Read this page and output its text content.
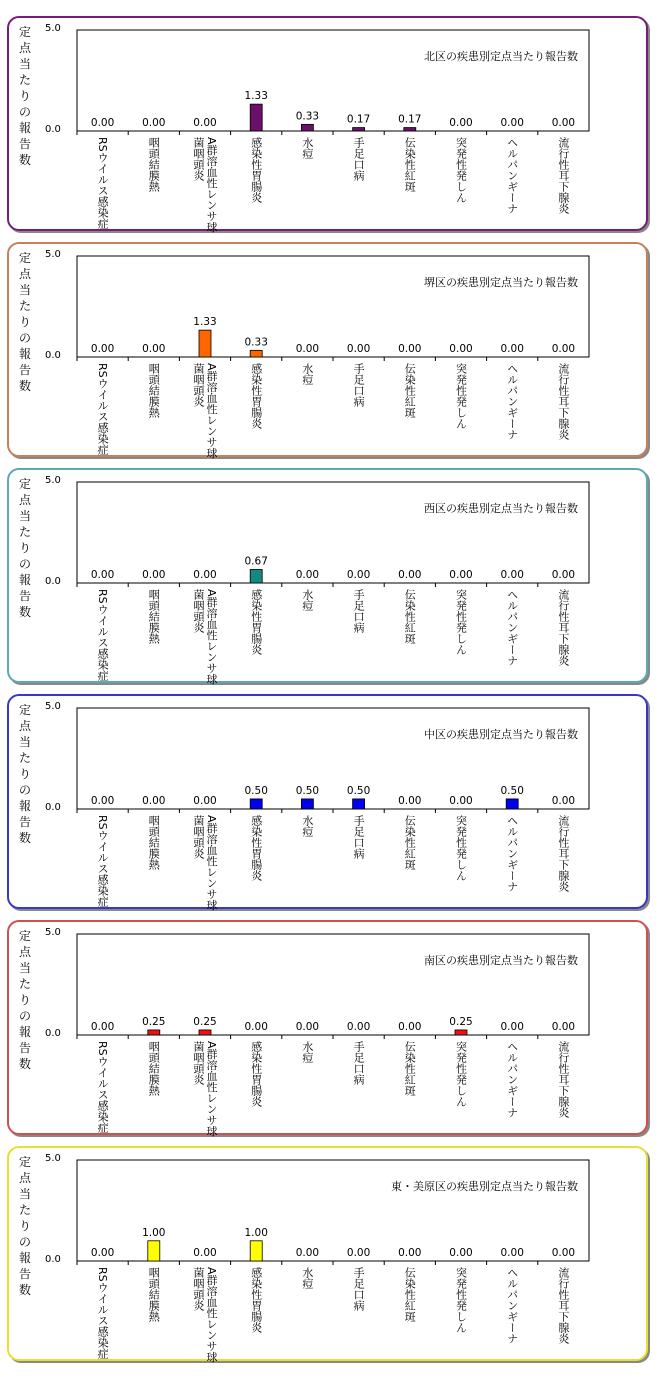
定点当たりの報告数
5.0
0.0
北区の疾患別定点当たり報告数
0.00
RSウイルス感染症
0.00
咽頭結膜熱
0.00
A群溶血性レンサ球菌咽頭炎
1.33
感染性胃腸炎
0.33
水痘
0.17
手足口病
0.17
伝染性紅斑
0.00
突発性発しん
0.00
ヘルパンギーナ
0.00
流行性耳下腺炎
定点当たりの報告数
5.0
0.0
堺区の疾患別定点当たり報告数
0.00
RSウイルス感染症
0.00
咽頭結膜熱
1.33
A群溶血性レンサ球菌咽頭炎
0.33
感染性胃腸炎
0.00
水痘
0.00
手足口病
0.00
伝染性紅斑
0.00
突発性発しん
0.00
ヘルパンギーナ
0.00
流行性耳下腺炎
定点当たりの報告数
5.0
0.0
西区の疾患別定点当たり報告数
0.00
RSウイルス感染症
0.00
咽頭結膜熱
0.00
A群溶血性レンサ球菌咽頭炎
0.67
感染性胃腸炎
0.00
水痘
0.00
手足口病
0.00
伝染性紅斑
0.00
突発性発しん
0.00
ヘルパンギーナ
0.00
流行性耳下腺炎
定点当たりの報告数
5.0
0.0
中区の疾患別定点当たり報告数
0.00
RSウイルス感染症
0.00
咽頭結膜熱
0.00
A群溶血性レンサ球菌咽頭炎
0.50
感染性胃腸炎
0.50
水痘
0.50
手足口病
0.00
伝染性紅斑
0.00
突発性発しん
0.50
ヘルパンギーナ
0.00
流行性耳下腺炎
定点当たりの報告数
5.0
0.0
南区の疾患別定点当たり報告数
0.00
RSウイルス感染症
0.25
咽頭結膜熱
0.25
A群溶血性レンサ球菌咽頭炎
0.00
感染性胃腸炎
0.00
水痘
0.00
手足口病
0.00
伝染性紅斑
0.25
突発性発しん
0.00
ヘルパンギーナ
0.00
流行性耳下腺炎
定点当たりの報告数
5.0
0.0
東・美原区の疾患別定点当たり報告数
0.00
RSウイルス感染症
1.00
咽頭結膜熱
0.00
A群溶血性レンサ球菌咽頭炎
1.00
感染性胃腸炎
0.00
水痘
0.00
手足口病
0.00
伝染性紅斑
0.00
突発性発しん
0.00
ヘルパンギーナ
0.00
流行性耳下腺炎
